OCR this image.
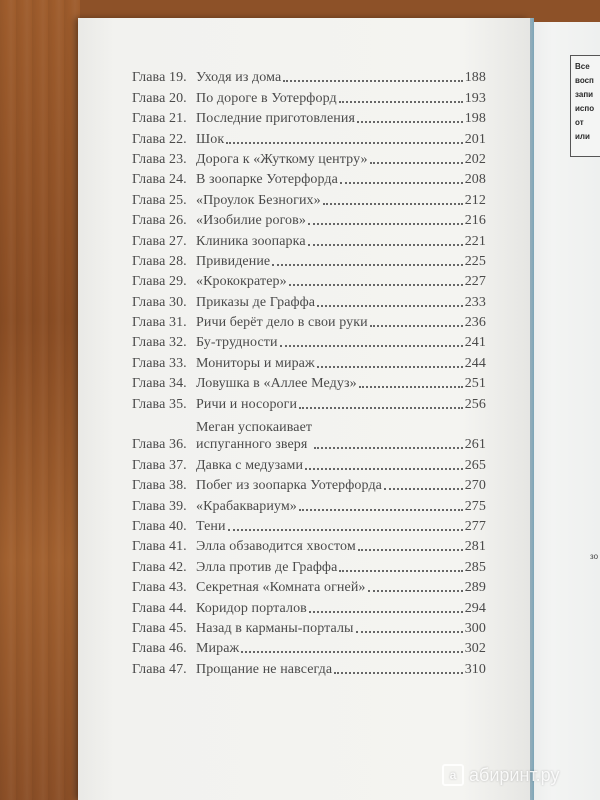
Все
восп
запи
испо
от
или
зо
Глава 19. Уходя из дома	188
Глава 20. По дороге в Уотерфорд	193
Глава 21. Последние приготовления	198
Глава 22. Шок	201
Глава 23. Дорога к «Жуткому центру»	202
Глава 24. В зоопарке Уотерфорда	208
Глава 25. «Проулок Безногих»	212
Глава 26. «Изобилие рогов»	216
Глава 27. Клиника зоопарка	221
Глава 28. Привидение	225
Глава 29. «Крокократер»	227
Глава 30. Приказы де Граффа	233
Глава 31. Ричи берёт дело в свои руки	236
Глава 32. Бу-трудности	241
Глава 33. Мониторы и мираж	244
Глава 34. Ловушка в «Аллее Медуз»	251
Глава 35. Ричи и носороги	256
Глава 36.
Меган успокаивает
испуганного зверя	261
Глава 37. Давка с медузами	265
Глава 38. Побег из зоопарка Уотерфорда	270
Глава 39. «Крабаквариум»	275
Глава 40. Тени	277
Глава 41. Элла обзаводится хвостом	281
Глава 42. Элла против де Граффа	285
Глава 43. Секретная «Комната огней»	289
Глава 44. Коридор порталов	294
Глава 45. Назад в карманы-порталы	300
Глава 46. Мираж	302
Глава 47. Прощание не навсегда	310
а абиринт.ру
